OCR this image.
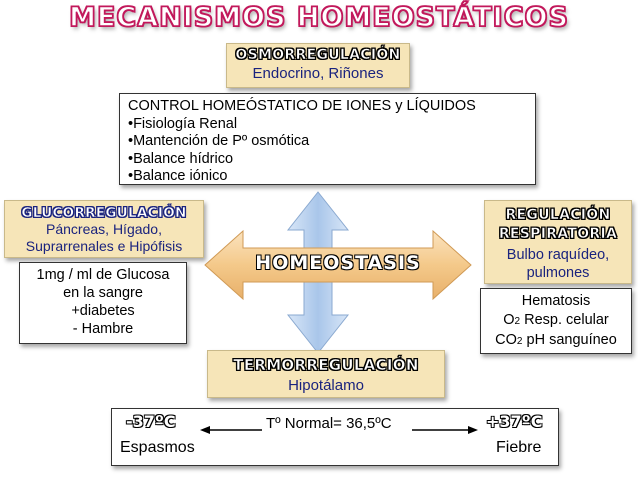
MECANISMOS HOMEOSTÁTICOS
HOMEOSTASIS
OSMORREGULACIÓN
Endocrino, Riñones
CONTROL HOMEÓSTATICO DE IONES y LÍQUIDOS
•Fisiología Renal
•Mantención de Pº osmótica
•Balance hídrico
•Balance iónico
GLUCORREGULACIÓN
Páncreas, Hígado,
Suprarrenales e Hipófisis
1mg / ml de Glucosa
en la sangre
+diabetes
- Hambre
REGULACIÓN
RESPIRATORIA
Bulbo raquídeo,
pulmones
Hematosis
O2 Resp. celular
CO2 pH sanguíneo
TERMORREGULACIÓN
Hipotálamo
-37ºC	Tº Normal= 36,5ºC	+37ºC
Espasmos	Fiebre
